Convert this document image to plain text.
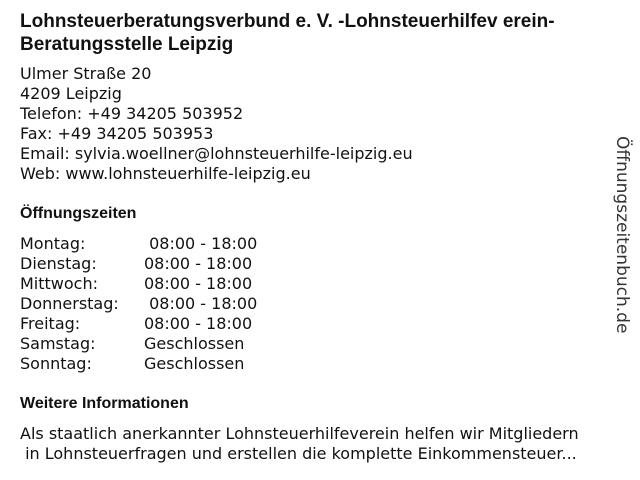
Lohnsteuerberatungsverbund e. V. -Lohnsteuerhilfev erein- Beratungsstelle Leipzig
Ulmer Straße 20
4209 Leipzig
Telefon: +49 34205 503952
Fax: +49 34205 503953
Email: sylvia.woellner@lohnsteuerhilfe-leipzig.eu
Web: www.lohnsteuerhilfe-leipzig.eu
Öffnungszeiten
Montag:	08:00 - 18:00
Dienstag:	08:00 - 18:00
Mittwoch:	08:00 - 18:00
Donnerstag:	08:00 - 18:00
Freitag:	08:00 - 18:00
Samstag:	Geschlossen
Sonntag:	Geschlossen
Weitere Informationen

Als staatlich anerkannter Lohnsteuerhilfeverein helfen wir Mitgliedern
in Lohnsteuerfragen und erstellen die komplette Einkommensteuer...

Öffnungszeitenbuch.de
